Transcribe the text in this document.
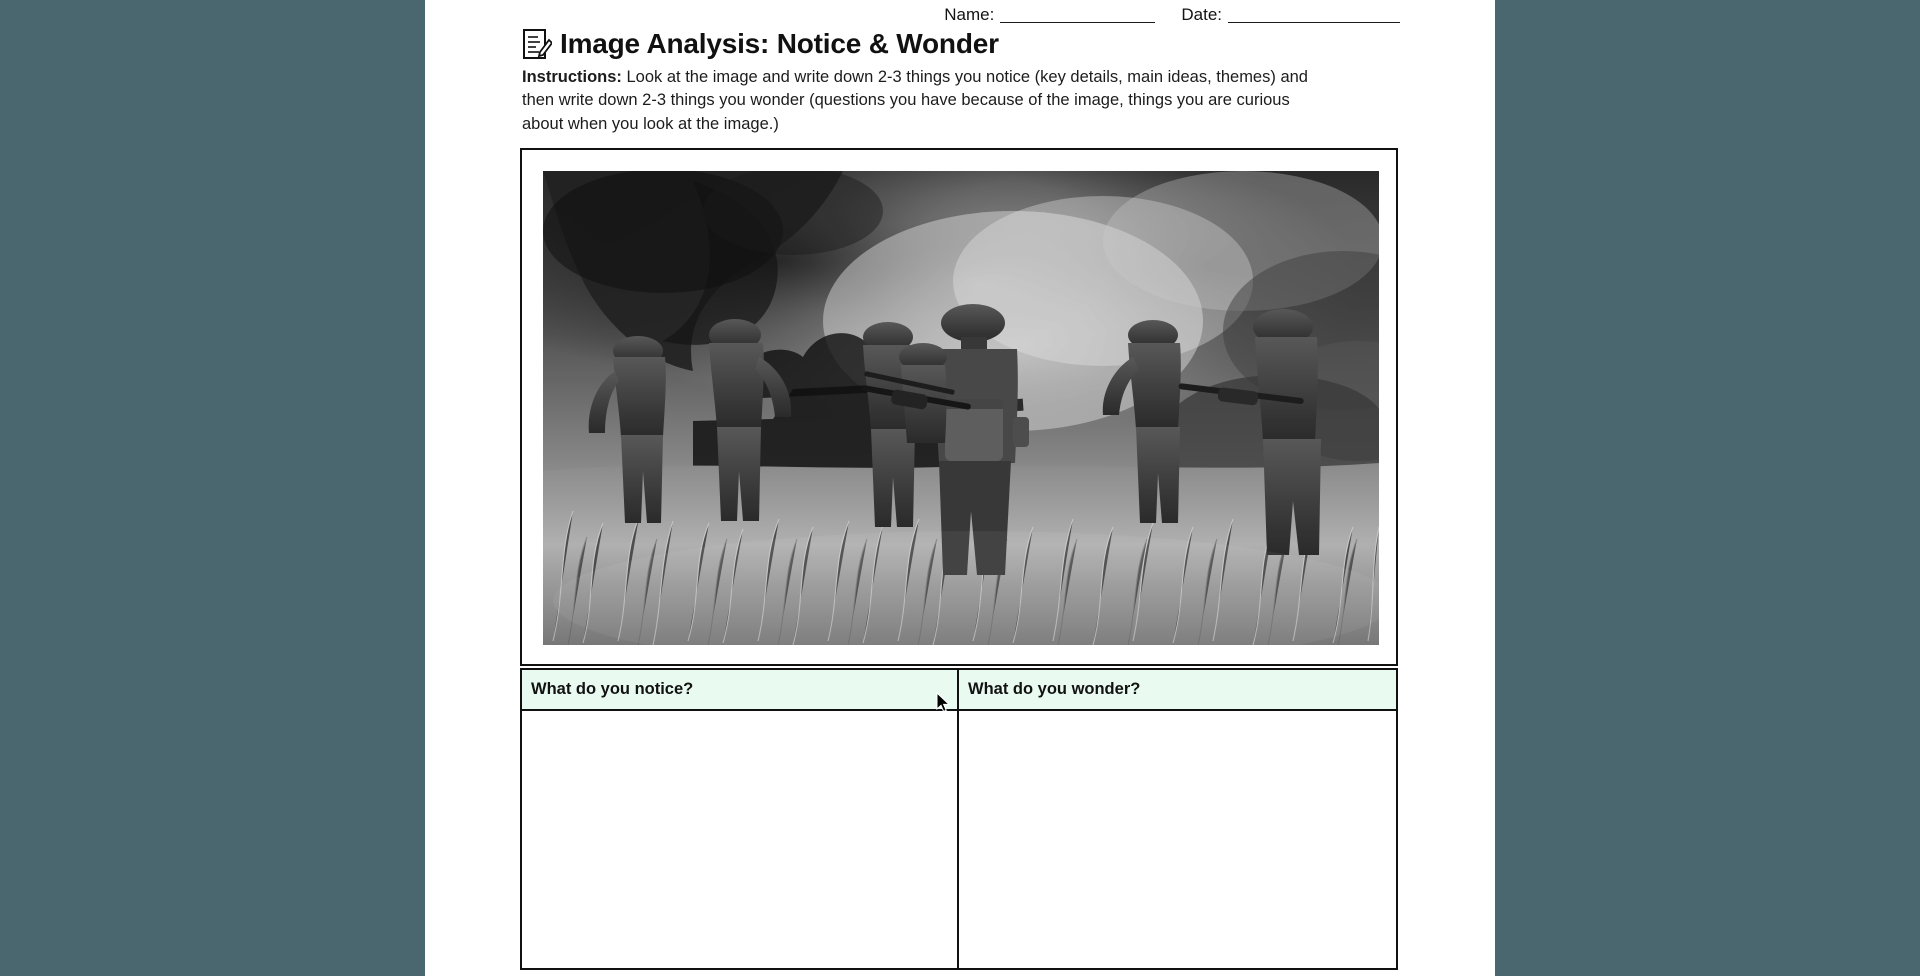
Name:	Date:
Image Analysis: Notice & Wonder
Instructions: Look at the image and write down 2-3 things you notice (key details, main ideas, themes) and then write down 2-3 things you wonder (questions you have because of the image, things you are curious about when you look at the image.)
What do you notice?	What do you wonder?
